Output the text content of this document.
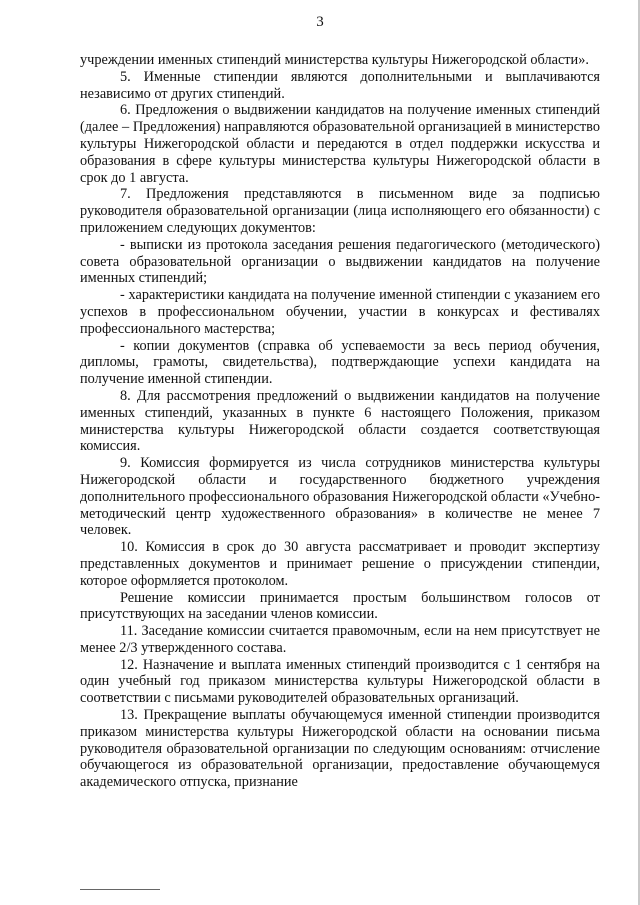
3

учреждении именных стипендий министерства культуры Нижегородской области».

5. Именные стипендии являются дополнительными и выплачиваются независимо от других стипендий.

6. Предложения о выдвижении кандидатов на получение именных стипендий (далее – Предложения) направляются образовательной организацией в министерство культуры Нижегородской области и передаются в отдел поддержки искусства и образования в сфере культуры министерства культуры Нижегородской области в срок до 1 августа.

7. Предложения представляются в письменном виде за подписью руководителя образовательной организации (лица исполняющего его обязанности) с приложением следующих документов:

- выписки из протокола заседания решения педагогического (методического) совета образовательной организации о выдвижении кандидатов на получение именных стипендий;

- характеристики кандидата на получение именной стипендии с указанием его успехов в профессиональном обучении, участии в конкурсах и фестивалях профессионального мастерства;

- копии документов (справка об успеваемости за весь период обучения, дипломы, грамоты, свидетельства), подтверждающие успехи кандидата на получение именной стипендии.

8. Для рассмотрения предложений о выдвижении кандидатов на получение именных стипендий, указанных в пункте 6 настоящего Положения, приказом министерства культуры Нижегородской области создается соответствующая комиссия.

9. Комиссия формируется из числа сотрудников министерства культуры Нижегородской области и государственного бюджетного учреждения дополнительного профессионального образования Нижегородской области «Учебно-методический центр художественного образования» в количестве не менее 7 человек.

10. Комиссия в срок до 30 августа рассматривает и проводит экспертизу представленных документов и принимает решение о присуждении стипендии, которое оформляется протоколом.

Решение комиссии принимается простым большинством голосов от присутствующих на заседании членов комиссии.

11. Заседание комиссии считается правомочным, если на нем присутствует не менее 2/3 утвержденного состава.

12. Назначение и выплата именных стипендий производится с 1 сентября на один учебный год приказом министерства культуры Нижегородской области в соответствии с письмами руководителей образовательных организаций.

13. Прекращение выплаты обучающемуся именной стипендии производится приказом министерства культуры Нижегородской области на основании письма руководителя образовательной организации по следующим основаниям: отчисление обучающегося из образовательной организации, предоставление обучающемуся академического отпуска, признание
